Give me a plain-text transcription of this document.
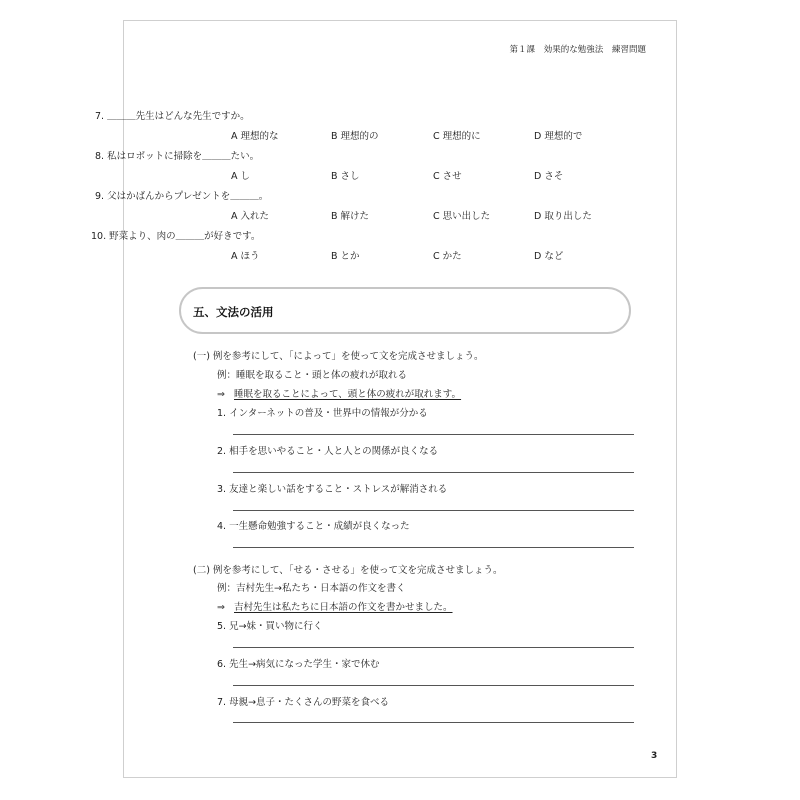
第１課 効果的な勉強法 練習問題
7. ＿＿＿先生はどんな先生ですか。
A 理想的な	B 理想的の	C 理想的に	D 理想的で
8. 私はロボットに掃除を＿＿＿たい。
A し	B さし	C させ	D さそ
9. 父はかばんからプレゼントを＿＿＿。
A 入れた	B 解けた	C 思い出した	D 取り出した
10. 野菜より、肉の＿＿＿が好きです。
A ほう	B とか	C かた	D など
五、文法の活用
(一) 例を参考にして、「によって」を使って文を完成させましょう。
例：睡眠を取ること・頭と体の疲れが取れる
⇒ 睡眠を取ることによって、頭と体の疲れが取れます。
1. インターネットの普及・世界中の情報が分かる
2. 相手を思いやること・人と人との関係が良くなる
3. 友達と楽しい話をすること・ストレスが解消される
4. 一生懸命勉強すること・成績が良くなった
(二) 例を参考にして、「せる・させる」を使って文を完成させましょう。
例：吉村先生→私たち・日本語の作文を書く
⇒ 吉村先生は私たちに日本語の作文を書かせました。
5. 兄→妹・買い物に行く
6. 先生→病気になった学生・家で休む
7. 母親→息子・たくさんの野菜を食べる
3
